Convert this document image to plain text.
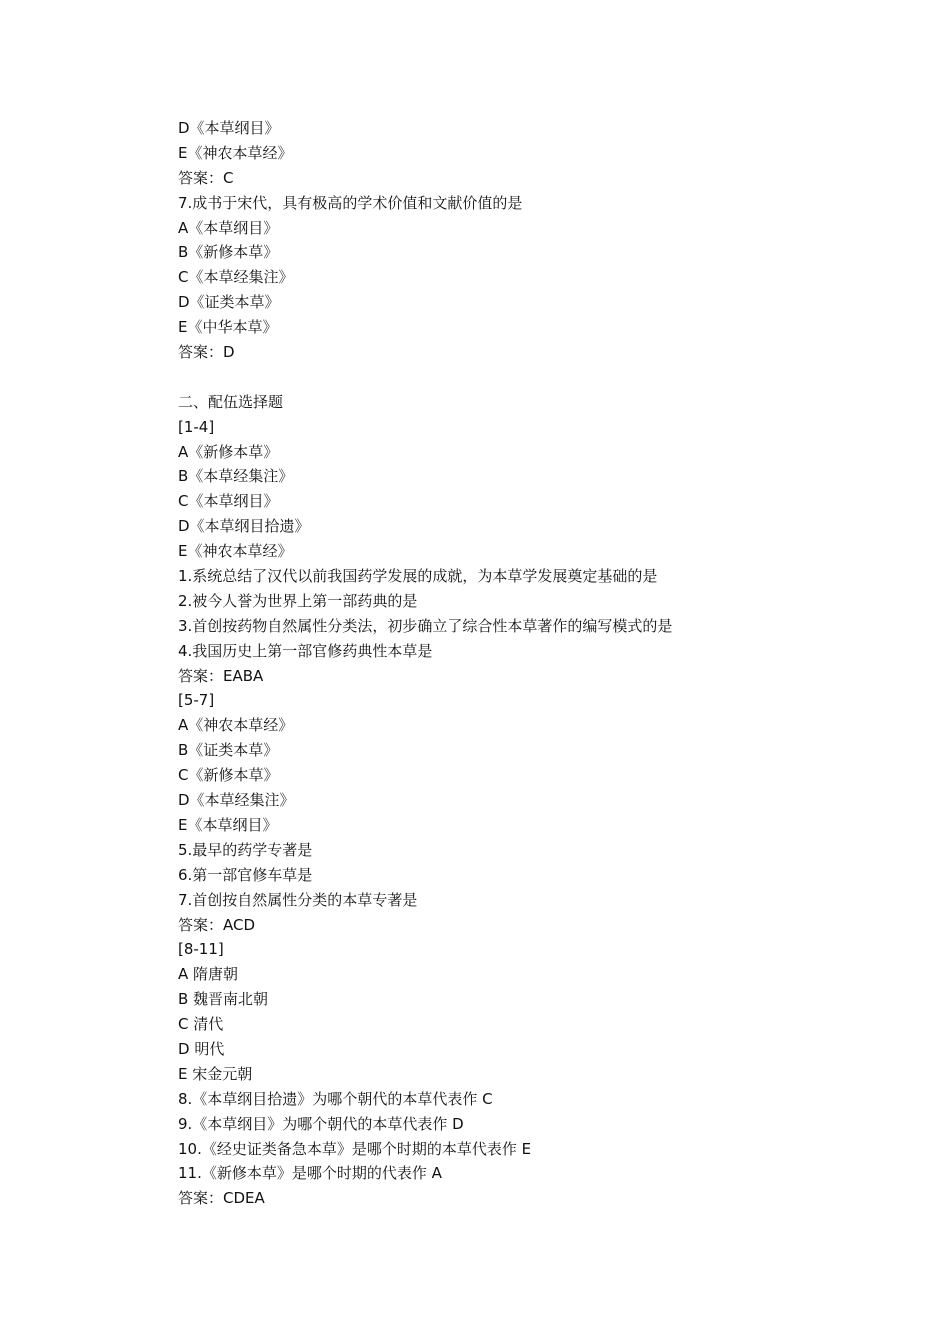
D《本草纲目》
E《神农本草经》
答案：C
7.成书于宋代，具有极高的学术价值和文献价值的是
A《本草纲目》
B《新修本草》
C《本草经集注》
D《证类本草》
E《中华本草》
答案：D
二、配伍选择题
[1-4]
A《新修本草》
B《本草经集注》
C《本草纲目》
D《本草纲目拾遗》
E《神农本草经》
1.系统总结了汉代以前我国药学发展的成就，为本草学发展奠定基础的是
2.被今人誉为世界上第一部药典的是
3.首创按药物自然属性分类法，初步确立了综合性本草著作的编写模式的是
4.我国历史上第一部官修药典性本草是
答案：EABA
[5-7]
A《神农本草经》
B《证类本草》
C《新修本草》
D《本草经集注》
E《本草纲目》
5.最早的药学专著是
6.第一部官修车草是
7.首创按自然属性分类的本草专著是
答案：ACD
[8-11]
A 隋唐朝
B 魏晋南北朝
C 清代
D 明代
E 宋金元朝
8.《本草纲目拾遗》为哪个朝代的本草代表作 C
9.《本草纲目》为哪个朝代的本草代表作 D
10.《经史证类备急本草》是哪个时期的本草代表作 E
11.《新修本草》是哪个时期的代表作 A
答案：CDEA
